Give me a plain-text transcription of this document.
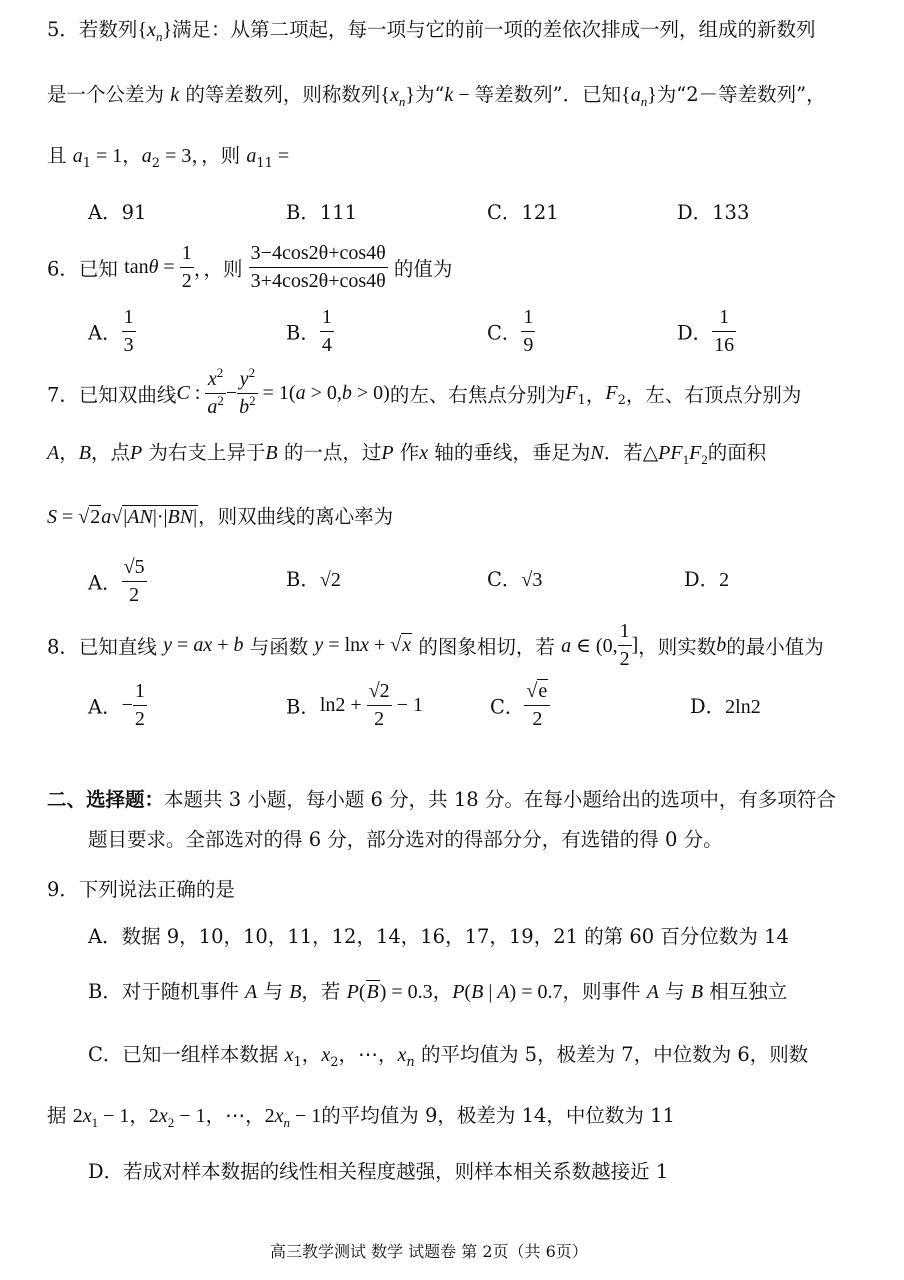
5．若数列$\{x_n\}$满足：从第二项起，每一项与它的前一项的差依次排成一列，组成的新数列
是一个公差为 k 的等差数列，则称数列$\{x_n\}$为“k − 等差数列”．已知$\{a_n\}$为“2－等差数列”，
且 $a_1 = 1$，$a_2 = 3$，，则 $a_{11}$ =
A．91	B．111	C．121	D．133
6．已知 $\tan\theta = \frac{1}{2}$ ，，则 $\frac{3-4\cos 2\theta+\cos 4\theta}{3+4\cos 2\theta+\cos 4\theta}$ 的值为
A． $\frac{1}{3}$	B． $\frac{1}{4}$	C． $\frac{1}{9}$	D． $\frac{1}{16}$
7．已知双曲线C : $\frac{x^2}{a^2} - \frac{y^2}{b^2} = 1(a > 0,b > 0)$的左、右焦点分别为$F_1$，$F_2$，左、右顶点分别为
A，B，点P 为右支上异于B 的一点，过P 作x 轴的垂线，垂足为N．若$\triangle PF_1F_2$的面积
S = √2a√|AN|·|BN|，则双曲线的离心率为
A． $\frac{√5}{2}$	B．√2	C．√3	D．2
8．已知直线 y = ax + b 与函数 y = lnx + √x 的图象相切，若 a ∈ (0, $\frac{1}{2}$ ]，则实数b的最小值为
A．− $\frac{1}{2}$	B．$\ln 2 + \frac{√2}{2} - 1$	C． $\frac{√e}{2}$	D．2ln2
二、选择题：本题共 3 小题，每小题 6 分，共 18 分。在每小题给出的选项中，有多项符合
题目要求。全部选对的得 6 分，部分选对的得部分分，有选错的得 0 分。
9．下列说法正确的是
A．数据 9，10，10，11，12，14，16，17，19，21 的第 60 百分位数为 14
B．对于随机事件 A 与 B，若 P(B) = 0.3，P(B | A) = 0.7，则事件 A 与 B 相互独立
C．已知一组样本数据 $x_1$，$x_2$，⋯，$x_n$ 的平均值为 5，极差为 7，中位数为 6，则数
据 $2x_1 - 1$，$2x_2 - 1$，⋯，$2x_n - 1$的平均值为 9，极差为 14，中位数为 11
D．若成对样本数据的线性相关程度越强，则样本相关系数越接近 1
高三教学测试 数学 试题卷 第 2页（共 6页）
